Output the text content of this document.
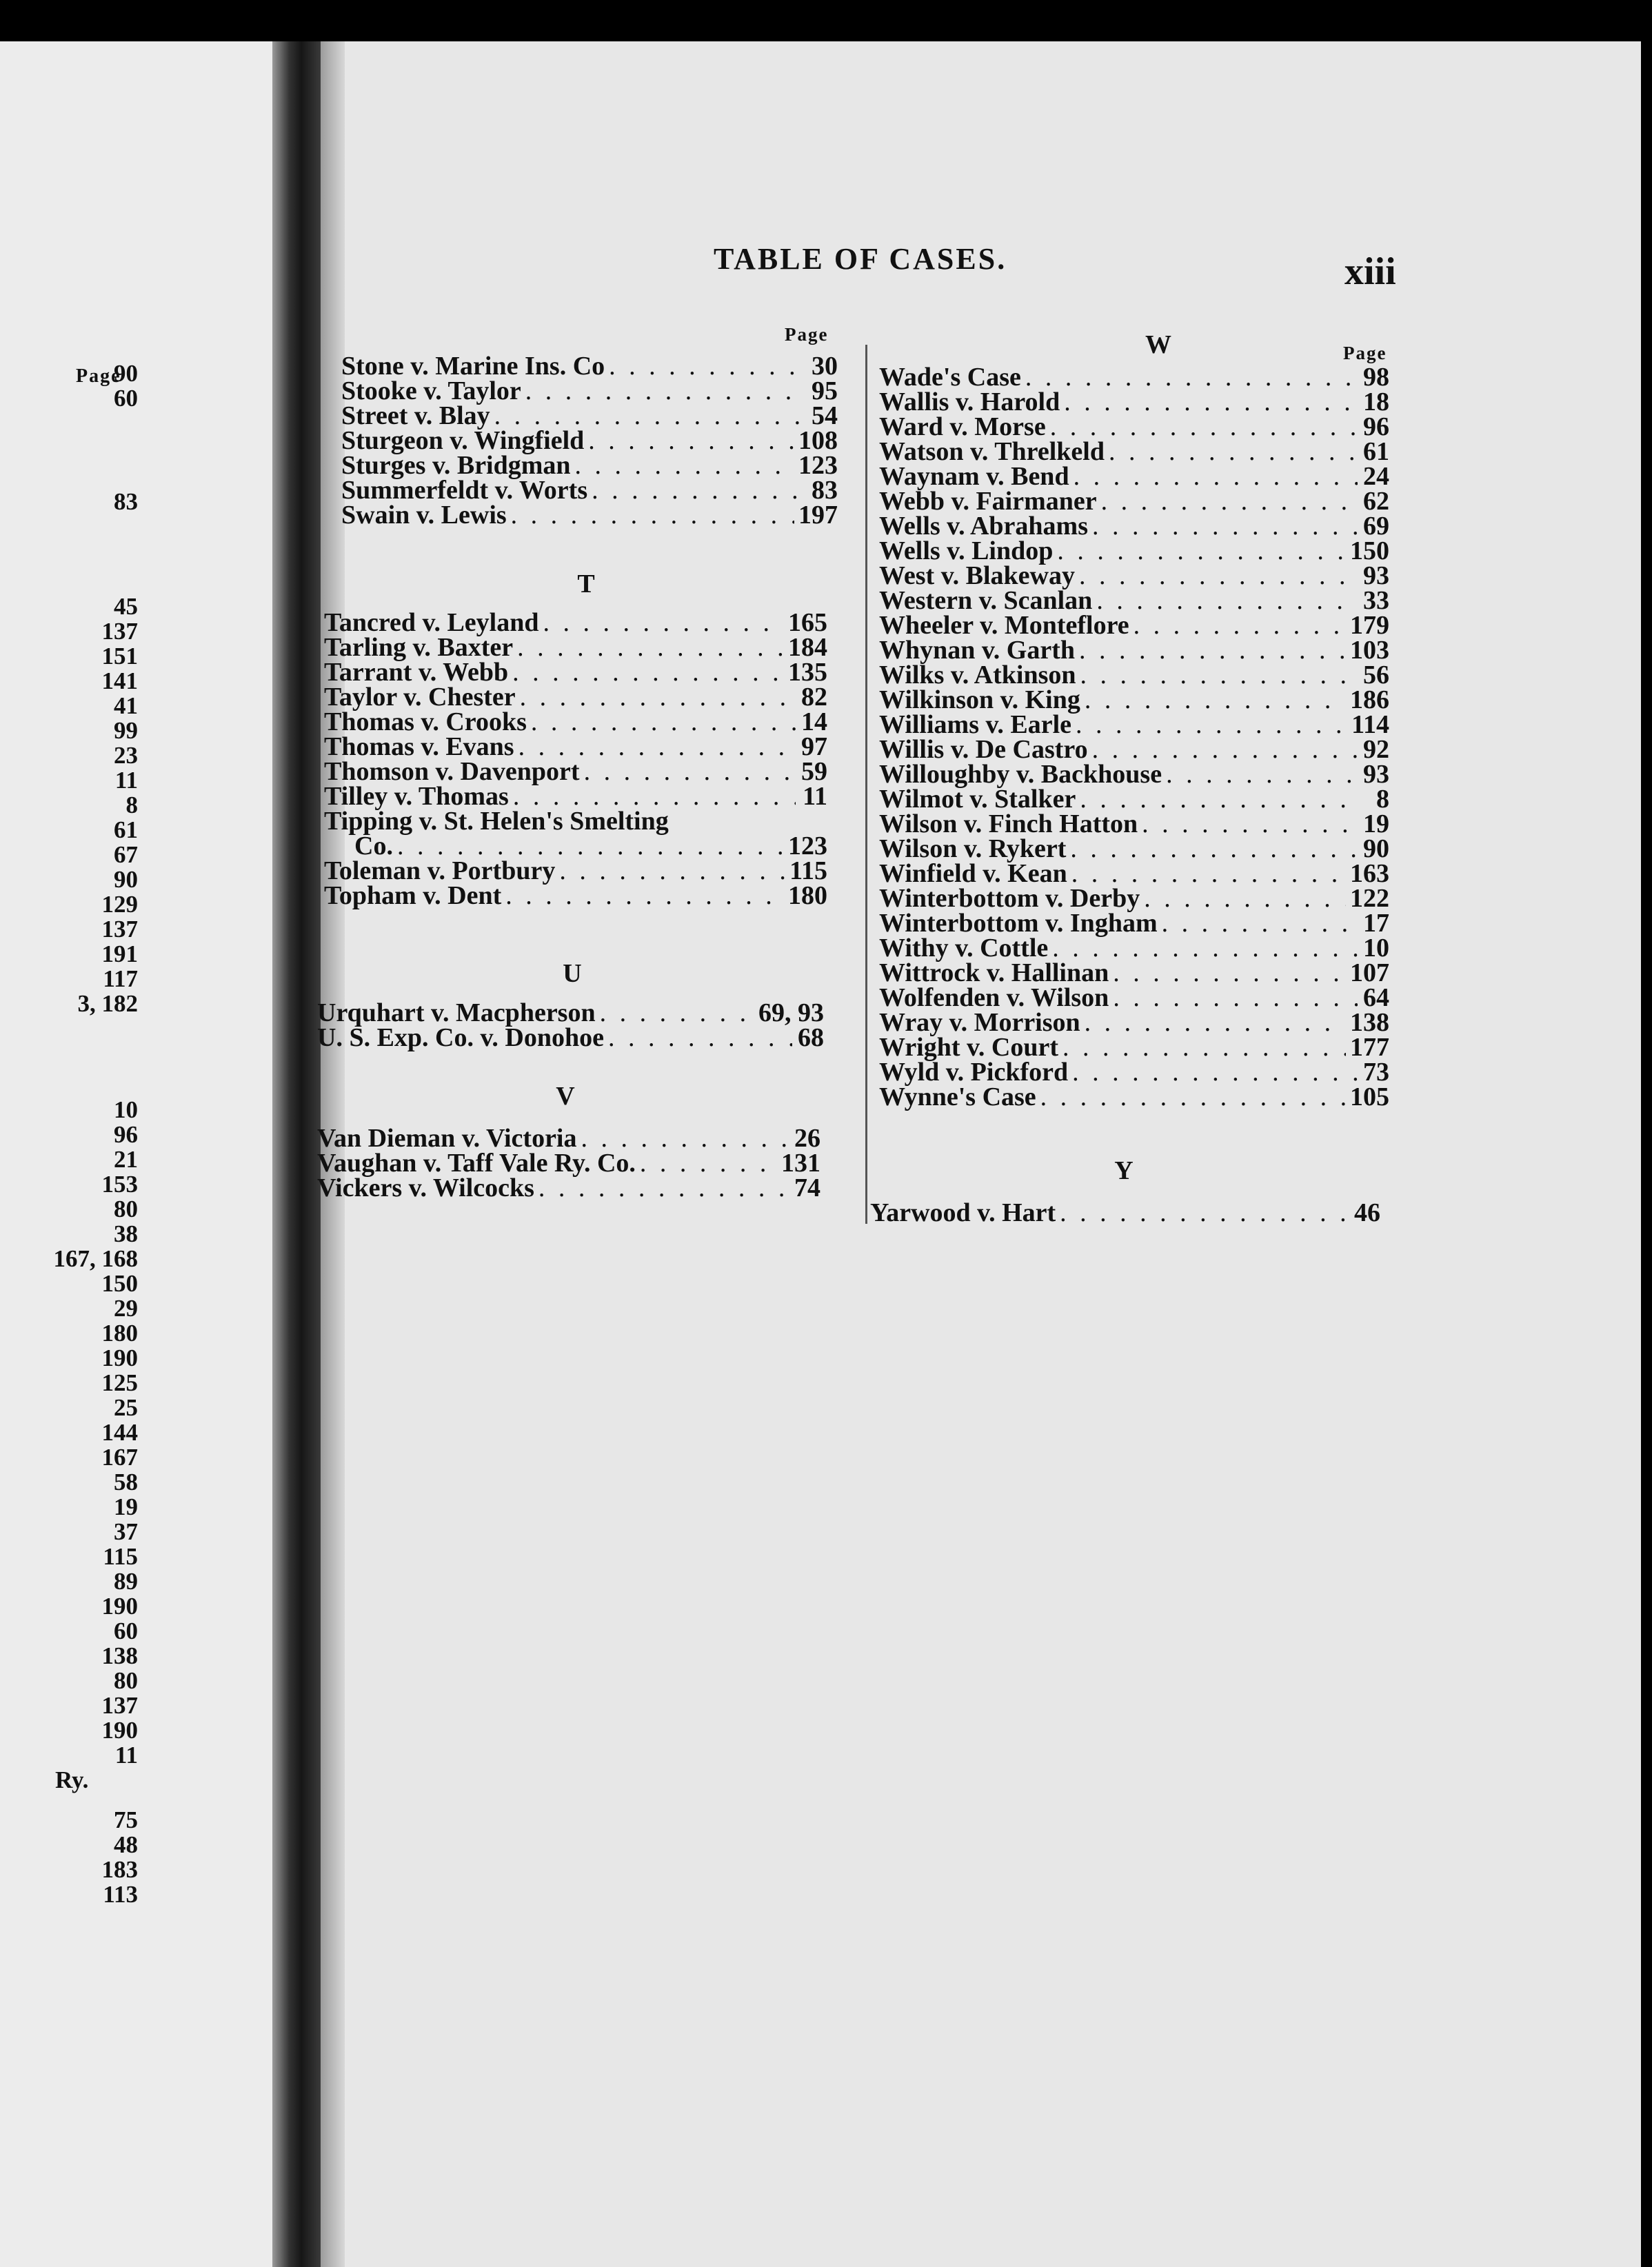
Page
90
60
83
45
137
151
141
41
99
23
11
8
61
67
90
129
137
191
117
3, 182
10
96
21
153
80
38
167, 168
150
29
180
190
125
25
144
167
58
19
37
115
89
190
60
138
80
137
190
11
Ry.
75
48
183
113
TABLE OF CASES.	xiii
Page
Page
Stone v. Marine Ins. Co . . .	30
Stooke v. Taylor . . .	95
Street v. Blay . . .	54
Sturgeon v. Wingfield . . .	108
Sturges v. Bridgman . . .	123
Summerfeldt v. Worts . . .	83
Swain v. Lewis . . .	197
T
Tancred v. Leyland . . .	165
Tarling v. Baxter . . .	184
Tarrant v. Webb . . .	135
Taylor v. Chester . . .	82
Thomas v. Crooks . . .	14
Thomas v. Evans . . .	97
Thomson v. Davenport . . .	59
Tilley v. Thomas . . .	11
Tipping v. St. Helen's Smelting
Co. . . .	123
Toleman v. Portbury . . .	115
Topham v. Dent . . .	180
U
Urquhart v. Macpherson . . .	69, 93
U. S. Exp. Co. v. Donohoe . . .	68
V
Van Dieman v. Victoria . . .	26
Vaughan v. Taff Vale Ry. Co. . . .	131
Vickers v. Wilcocks . . .	74
W
Wade's Case . . .	98
Wallis v. Harold . . .	18
Ward v. Morse . . .	96
Watson v. Threlkeld . . .	61
Waynam v. Bend . . .	24
Webb v. Fairmaner . . .	62
Wells v. Abrahams . . .	69
Wells v. Lindop . . .	150
West v. Blakeway . . .	93
Western v. Scanlan . . .	33
Wheeler v. Monteflore . . .	179
Whynan v. Garth . . .	103
Wilks v. Atkinson . . .	56
Wilkinson v. King . . .	186
Williams v. Earle . . .	114
Willis v. De Castro . . .	92
Willoughby v. Backhouse . . .	93
Wilmot v. Stalker . . .	8
Wilson v. Finch Hatton . . .	19
Wilson v. Rykert . . .	90
Winfield v. Kean . . .	163
Winterbottom v. Derby . . .	122
Winterbottom v. Ingham . . .	17
Withy v. Cottle . . .	10
Wittrock v. Hallinan . . .	107
Wolfenden v. Wilson . . .	64
Wray v. Morrison . . .	138
Wright v. Court . . .	177
Wyld v. Pickford . . .	73
Wynne's Case . . .	105
Y
Yarwood v. Hart . . .	46
